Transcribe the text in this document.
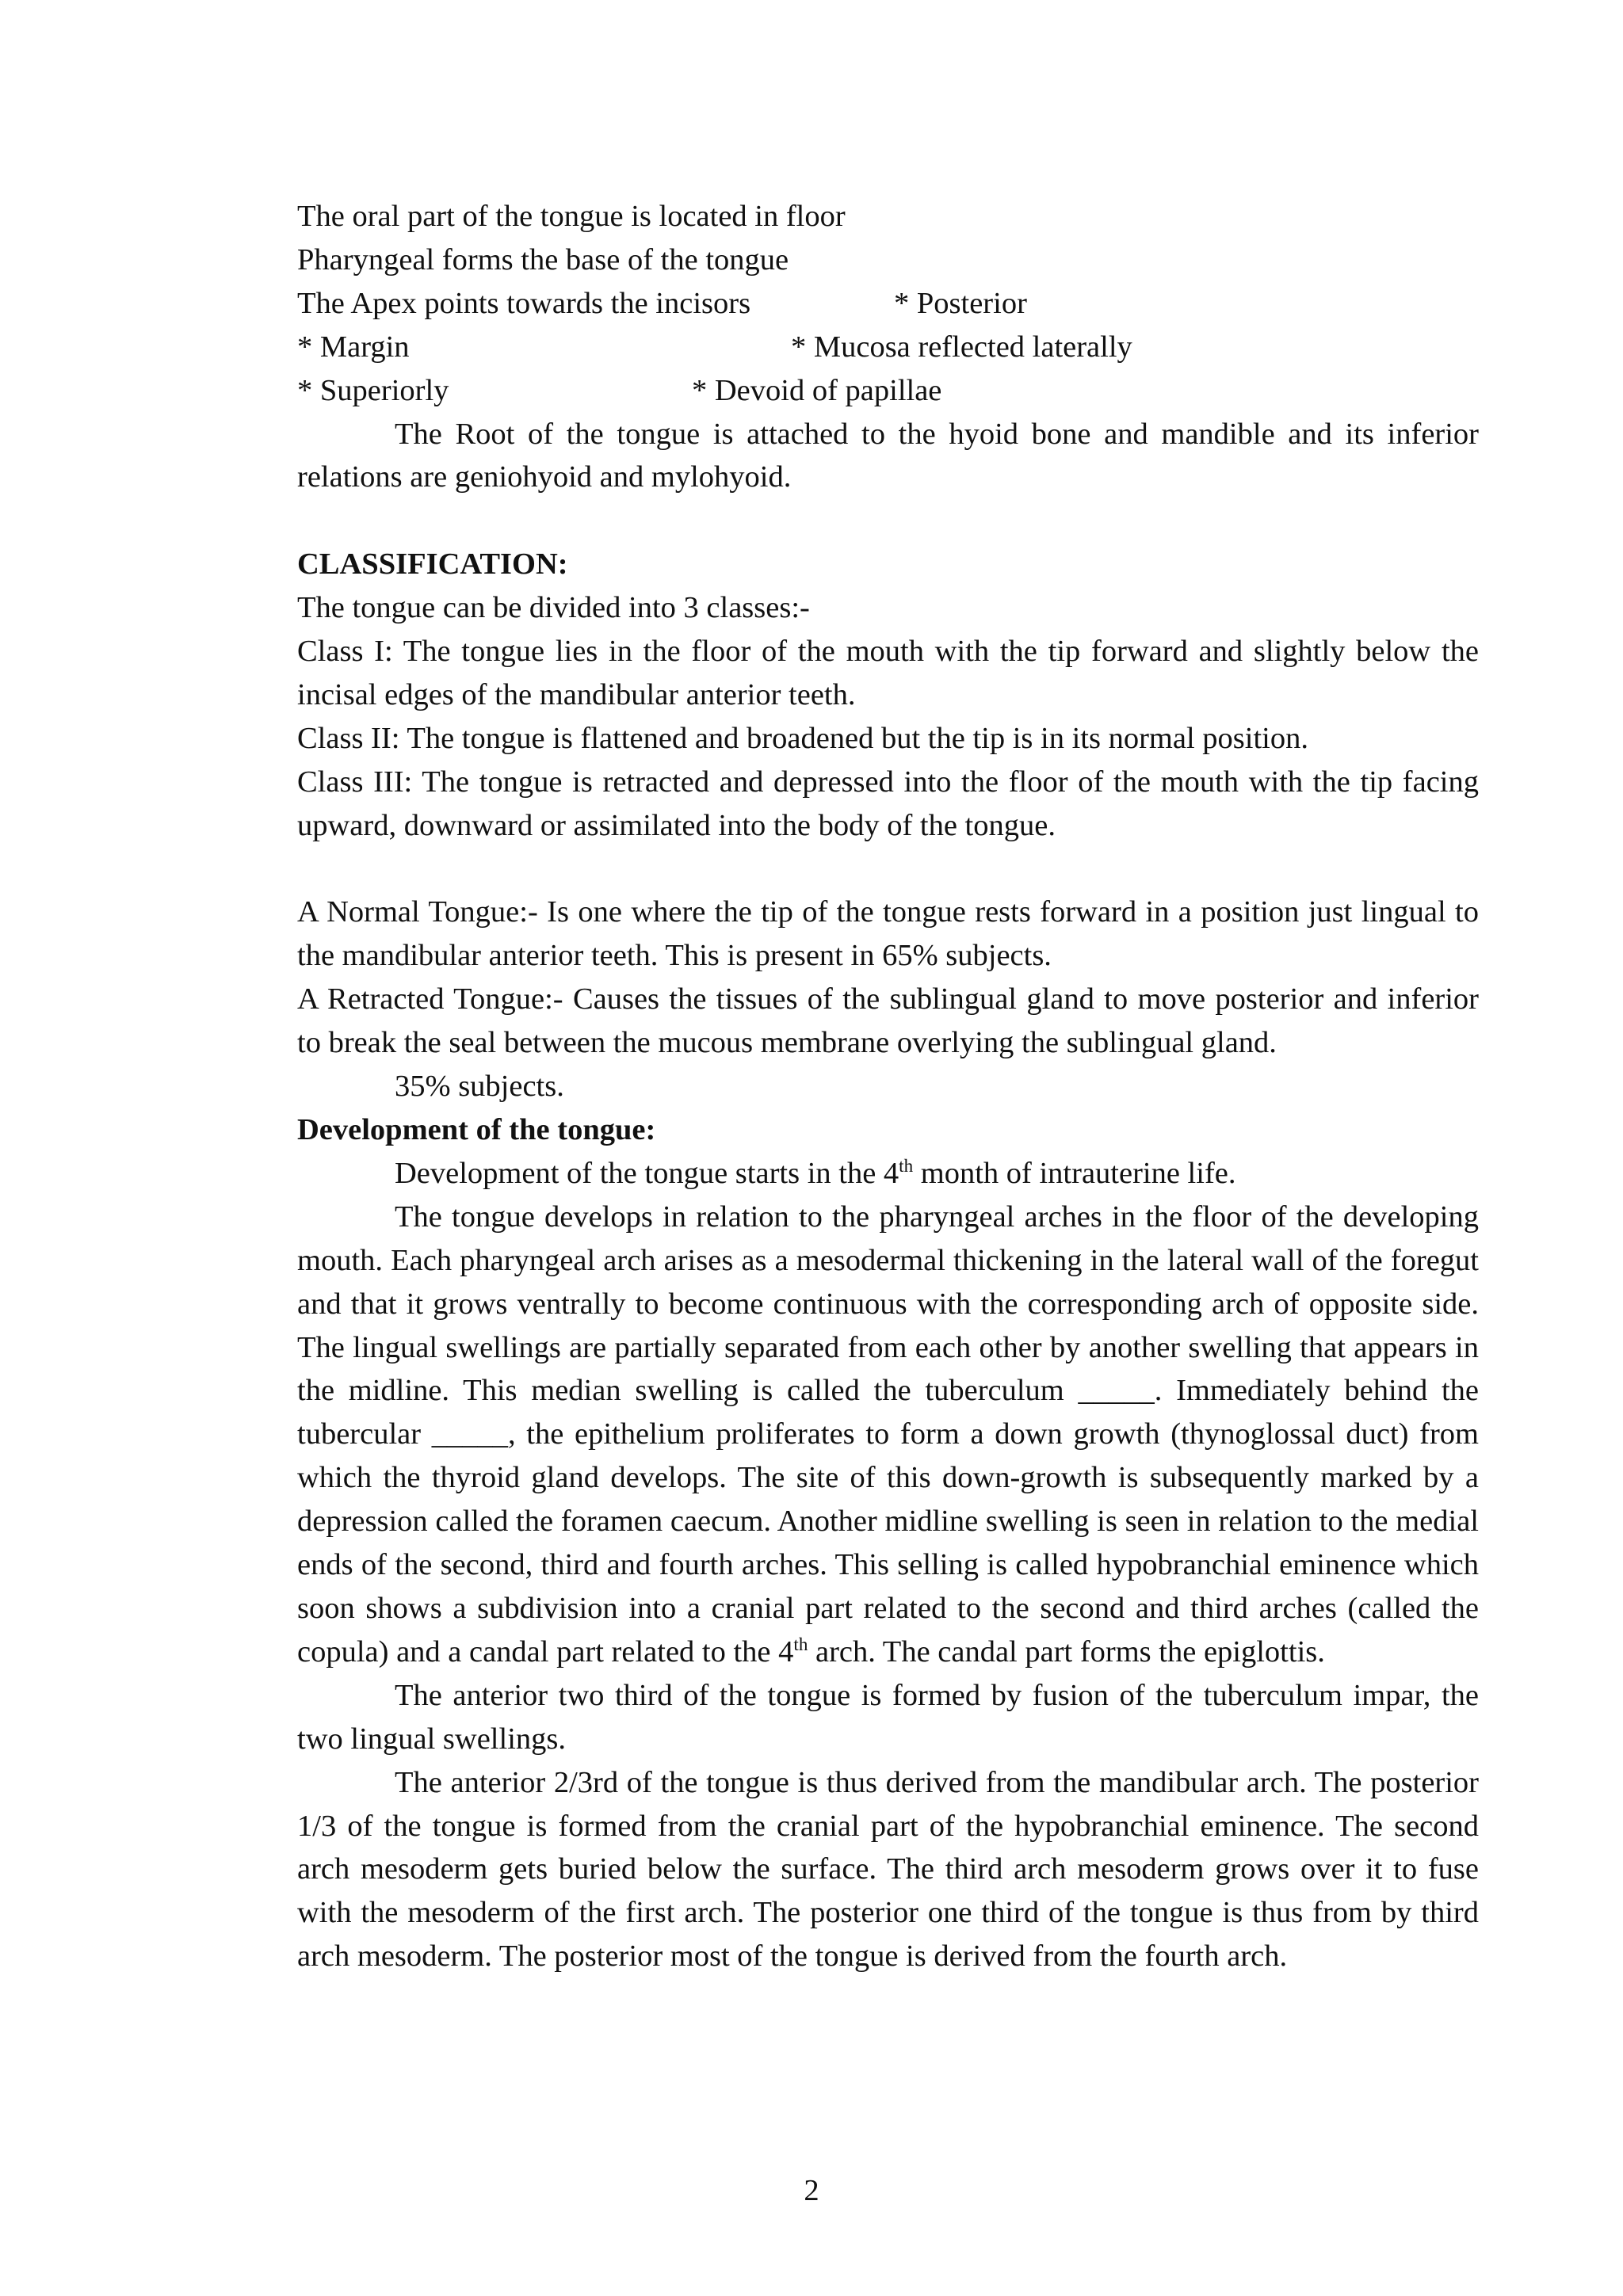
The oral part of the tongue is located in floor
Pharyngeal forms the base of the tongue
The Apex points towards the incisors	* Posterior
* Margin	* Mucosa reflected laterally
* Superiorly	* Devoid of papillae
The Root of the tongue is attached to the hyoid bone and mandible and its inferior relations are geniohyoid and mylohyoid.
CLASSIFICATION:
The tongue can be divided into 3 classes:-
Class I: The tongue lies in the floor of the mouth with the tip forward and slightly below the incisal edges of the mandibular anterior teeth.
Class II: The tongue is flattened and broadened but the tip is in its normal position.
Class III: The tongue is retracted and depressed into the floor of the mouth with the tip facing upward, downward or assimilated into the body of the tongue.
A Normal Tongue:- Is one where the tip of the tongue rests forward in a position just lingual to the mandibular anterior teeth. This is present in 65% subjects.
A Retracted Tongue:- Causes the tissues of the sublingual gland to move posterior and inferior to break the seal between the mucous membrane overlying the sublingual gland.
35% subjects.
Development of the tongue:
Development of the tongue starts in the 4th month of intrauterine life.
The tongue develops in relation to the pharyngeal arches in the floor of the developing mouth. Each pharyngeal arch arises as a mesodermal thickening in the lateral wall of the foregut and that it grows ventrally to become continuous with the corresponding arch of opposite side. The lingual swellings are partially separated from each other by another swelling that appears in the midline. This median swelling is called the tuberculum _____. Immediately behind the tubercular _____, the epithelium proliferates to form a down growth (thynoglossal duct) from which the thyroid gland develops. The site of this down-growth is subsequently marked by a depression called the foramen caecum. Another midline swelling is seen in relation to the medial ends of the second, third and fourth arches. This selling is called hypobranchial eminence which soon shows a subdivision into a cranial part related to the second and third arches (called the copula) and a candal part related to the 4th arch. The candal part forms the epiglottis.
The anterior two third of the tongue is formed by fusion of the tuberculum impar, the two lingual swellings.
The anterior 2/3rd of the tongue is thus derived from the mandibular arch. The posterior 1/3 of the tongue is formed from the cranial part of the hypobranchial eminence. The second arch mesoderm gets buried below the surface. The third arch mesoderm grows over it to fuse with the mesoderm of the first arch. The posterior one third of the tongue is thus from by third arch mesoderm. The posterior most of the tongue is derived from the fourth arch.
2
